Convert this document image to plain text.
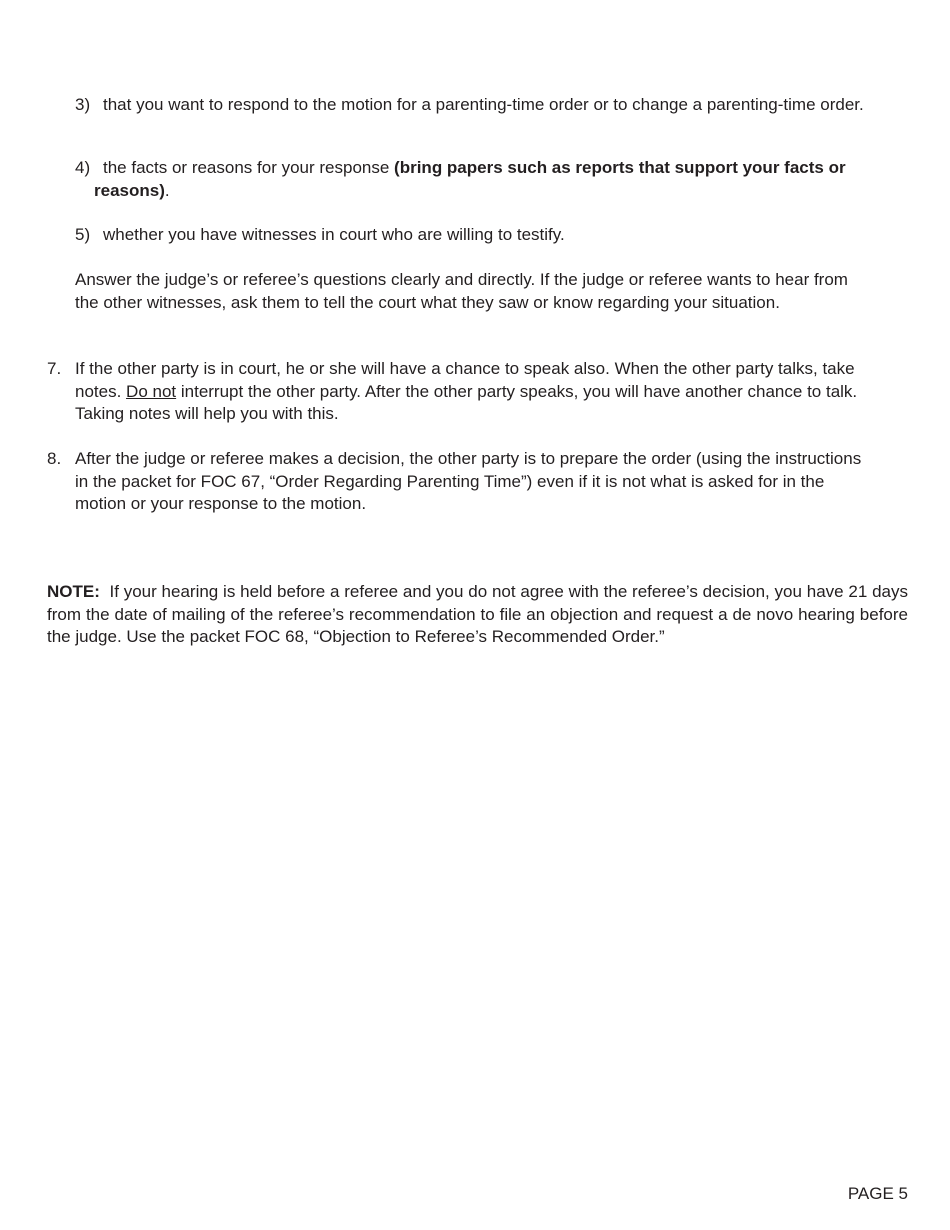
3) that you want to respond to the motion for a parenting-time order or to change a parenting-time order.
4) the facts or reasons for your response (bring papers such as reports that support your facts or reasons).
5) whether you have witnesses in court who are willing to testify.

Answer the judge’s or referee’s questions clearly and directly. If the judge or referee wants to hear from the other witnesses, ask them to tell the court what they saw or know regarding your situation.

7. If the other party is in court, he or she will have a chance to speak also. When the other party talks, take notes. Do not interrupt the other party. After the other party speaks, you will have another chance to talk. Taking notes will help you with this.
8. After the judge or referee makes a decision, the other party is to prepare the order (using the instructions in the packet for FOC 67, “Order Regarding Parenting Time”) even if it is not what is asked for in the motion or your response to the motion.

NOTE: If your hearing is held before a referee and you do not agree with the referee’s decision, you have 21 days from the date of mailing of the referee’s recommendation to file an objection and request a de novo hearing before the judge. Use the packet FOC 68, “Objection to Referee’s Recommended Order.”

PAGE 5
